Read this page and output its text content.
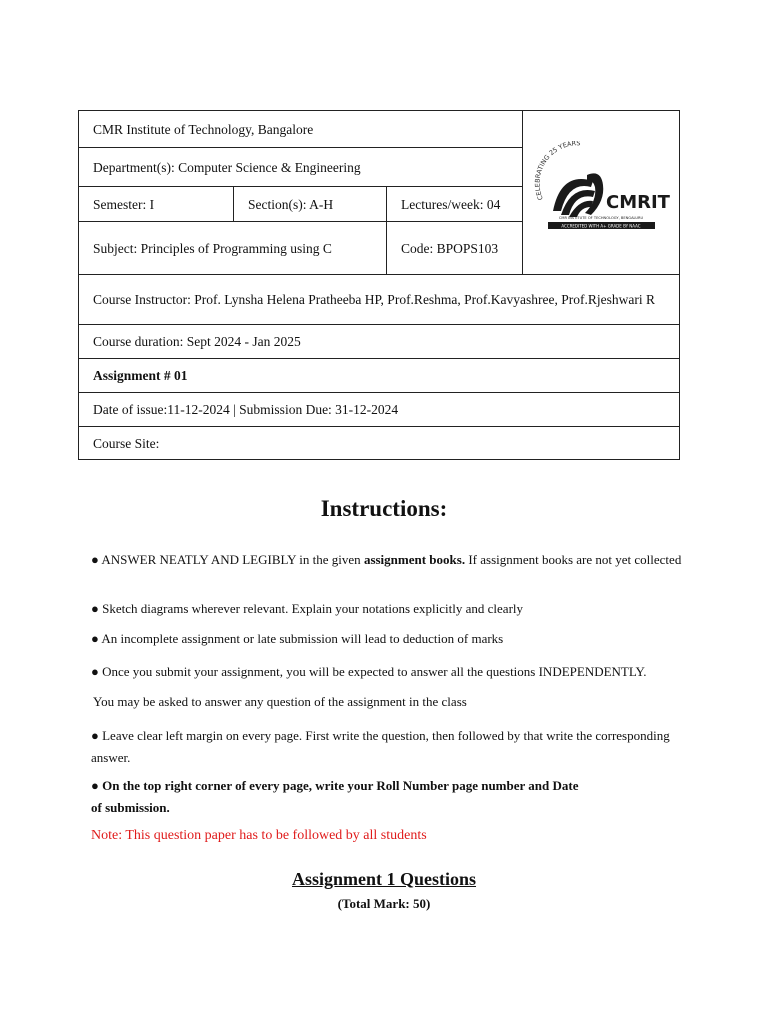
CMR Institute of Technology, Bangalore			CELEBRATING 25 YEARS
CMRIT
CMR INSTITUTE OF TECHNOLOGY, BENGALURU
ACCREDITED WITH A+ GRADE BY NAAC

Department(s): Computer Science & Engineering			
Semester: I	Section(s): A-H	Lectures/week: 04	
Subject: Principles of Programming using C		Code: BPOPS103	
Course Instructor: Prof. Lynsha Helena Pratheeba HP, Prof.Reshma, Prof.Kavyashree, Prof.Rjeshwari R			
Course duration: Sept 2024 - Jan 2025			
Assignment # 01			
Date of issue:11-12-2024 | Submission Due: 31-12-2024			
Course Site:			
Instructions:

● ANSWER NEATLY AND LEGIBLY in the given assignment books. If assignment books are not yet collected

● Sketch diagrams wherever relevant. Explain your notations explicitly and clearly

● An incomplete assignment or late submission will lead to deduction of marks

● Once you submit your assignment, you will be expected to answer all the questions INDEPENDENTLY.

You may be asked to answer any question of the assignment in the class

● Leave clear left margin on every page. First write the question, then followed by that write the corresponding answer.

● On the top right corner of every page, write your Roll Number page number and Date of submission.

Note: This question paper has to be followed by all students

Assignment 1 Questions

(Total Mark: 50)
